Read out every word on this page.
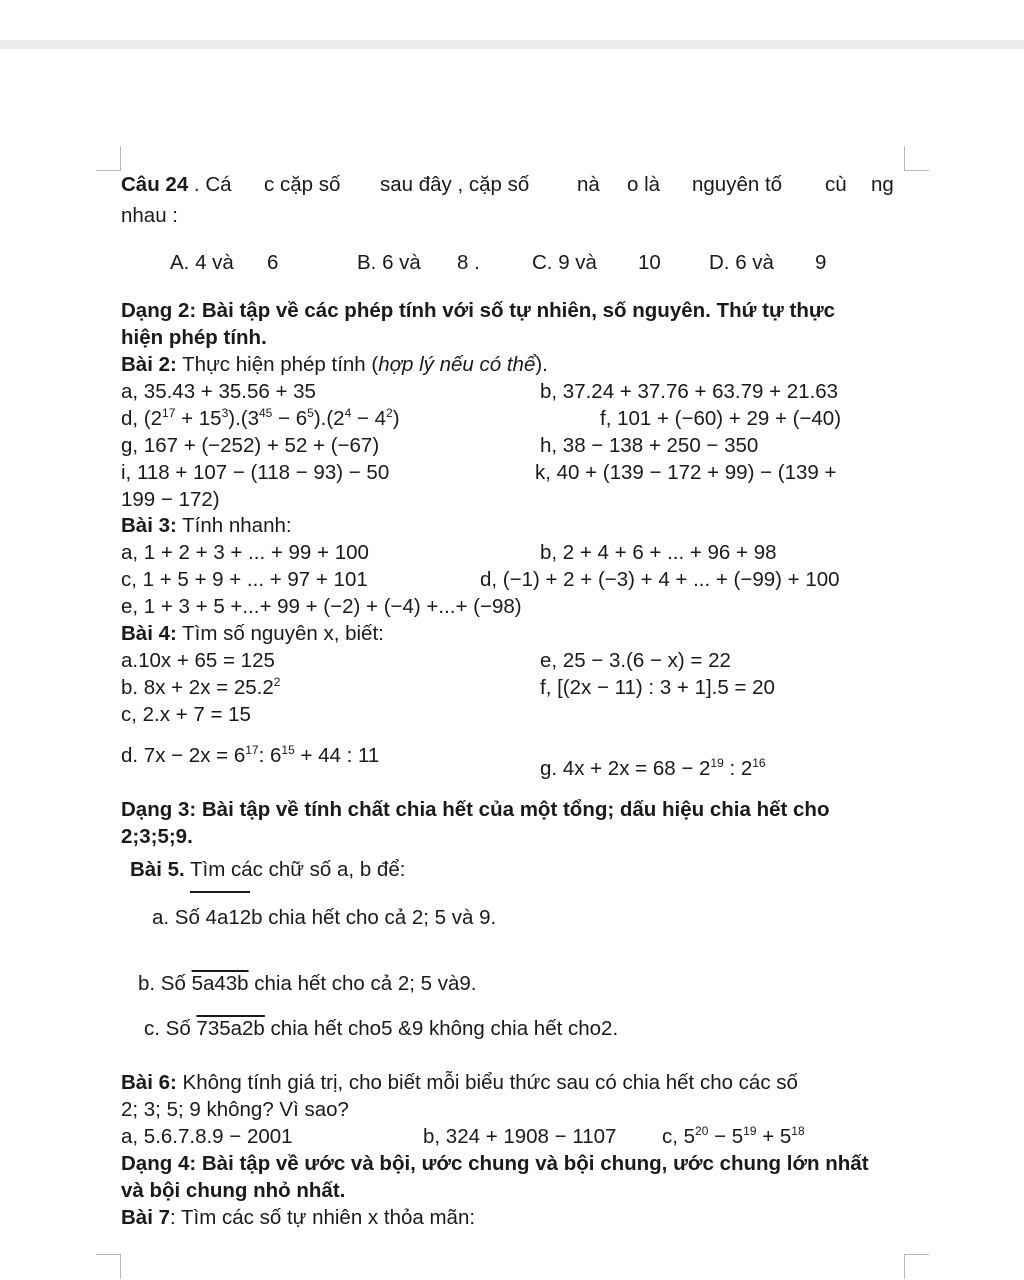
Câu 24 . Cá c cặp số sau đây , cặp số nà o là nguyên tố cù ng
nhau :
A. 4 và 6	B. 6 và 8 .	C. 9 và 10 D. 6 và 9
Dạng 2: Bài tập về các phép tính với số tự nhiên, số nguyên. Thứ tự thực
hiện phép tính.
Bài 2: Thực hiện phép tính (hợp lý nếu có thể).
a, 35.43 + 35.56 + 35	b, 37.24 + 37.76 + 63.79 + 21.63
d, $(2^{17} + 15^3).(3^{45} - 6^5).(2^4 - 4^2)$	f, 101 + (−60) + 29 + (−40)
g, 167 + (−252) + 52 + (−67)	h, 38 − 138 + 250 − 350
i, 118 + 107 − (118 − 93) − 50	k, 40 + (139 − 172 + 99) − (139 +
199 − 172)
Bài 3: Tính nhanh:
a, 1 + 2 + 3 + ... + 99 + 100	b, 2 + 4 + 6 + ... + 96 + 98
c, 1 + 5 + 9 + ... + 97 + 101	d, (−1) + 2 + (−3) + 4 + ... + (−99) + 100
e, 1 + 3 + 5 +...+ 99 + (−2) + (−4) +...+ (−98)
Bài 4: Tìm số nguyên x, biết:
a.10x + 65 = 125	e, 25 − 3.(6 − x) = 22
b. $8x + 2x = 25.2^2$	f, [(2x − 11) : 3 + 1].5 = 20
c, 2.x + 7 = 15
d. $7x - 2x = 6^{17}$: $6^{15} + 44$ : 11
g. $4x + 2x = 68 - 2^{19}$ : $2^{16}$
Dạng 3: Bài tập về tính chất chia hết của một tổng; dấu hiệu chia hết cho
2;3;5;9.
Bài 5. Tìm các chữ số a, b để:
a. Số 4a12b chia hết cho cả 2; 5 và 9.
b. Số 5a43b chia hết cho cả 2; 5 và9.
c. Số 735a2b chia hết cho5 &9 không chia hết cho2.
Bài 6: Không tính giá trị, cho biết mỗi biểu thức sau có chia hết cho các số
2; 3; 5; 9 không? Vì sao?
a, 5.6.7.8.9 − 2001	b, 324 + 1908 − 1107 c, $5^{20} - 5^{19} + 5^{18}$
Dạng 4: Bài tập về ước và bội, ước chung và bội chung, ước chung lớn nhất
và bội chung nhỏ nhất.
Bài 7: Tìm các số tự nhiên x thỏa mãn:
